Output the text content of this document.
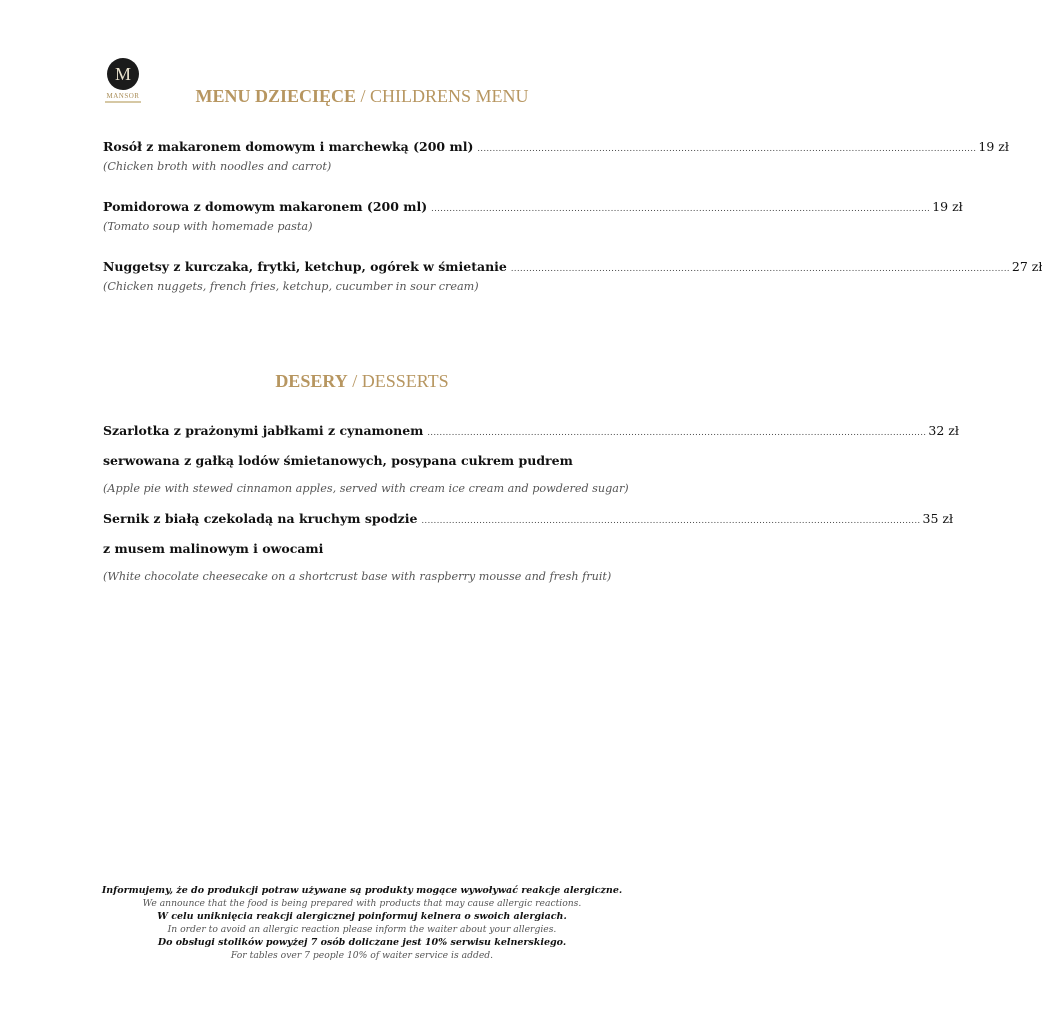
M
MANSOR	MENU DZIECIĘCE / CHILDRENS MENU
Rosół z makaronem domowym i marchewką (200 ml) .................................................................................................................................................................... 19 zł
(Chicken broth with noodles and carrot)
Pomidorowa z domowym makaronem (200 ml) .................................................................................................................................................................... 19 zł
(Tomato soup with homemade pasta)
Nuggetsy z kurczaka, frytki, ketchup, ogórek w śmietanie .................................................................................................................................................................... 27 zł
(Chicken nuggets, french fries, ketchup, cucumber in sour cream)
DESERY / DESSERTS
Szarlotka z prażonymi jabłkami z cynamonem .................................................................................................................................................................... 32 zł
serwowana z gałką lodów śmietanowych, posypana cukrem pudrem
(Apple pie with stewed cinnamon apples, served with cream ice cream and powdered sugar)
Sernik z białą czekoladą na kruchym spodzie .................................................................................................................................................................... 35 zł
z musem malinowym i owocami
(White chocolate cheesecake on a shortcrust base with raspberry mousse and fresh fruit)
Informujemy, że do produkcji potraw używane są produkty mogące wywoływać reakcje alergiczne.
We announce that the food is being prepared with products that may cause allergic reactions.
W celu uniknięcia reakcji alergicznej poinformuj kelnera o swoich alergiach.
In order to avoid an allergic reaction please inform the waiter about your allergies.
Do obsługi stolików powyżej 7 osób doliczane jest 10% serwisu kelnerskiego.
For tables over 7 people 10% of waiter service is added.
